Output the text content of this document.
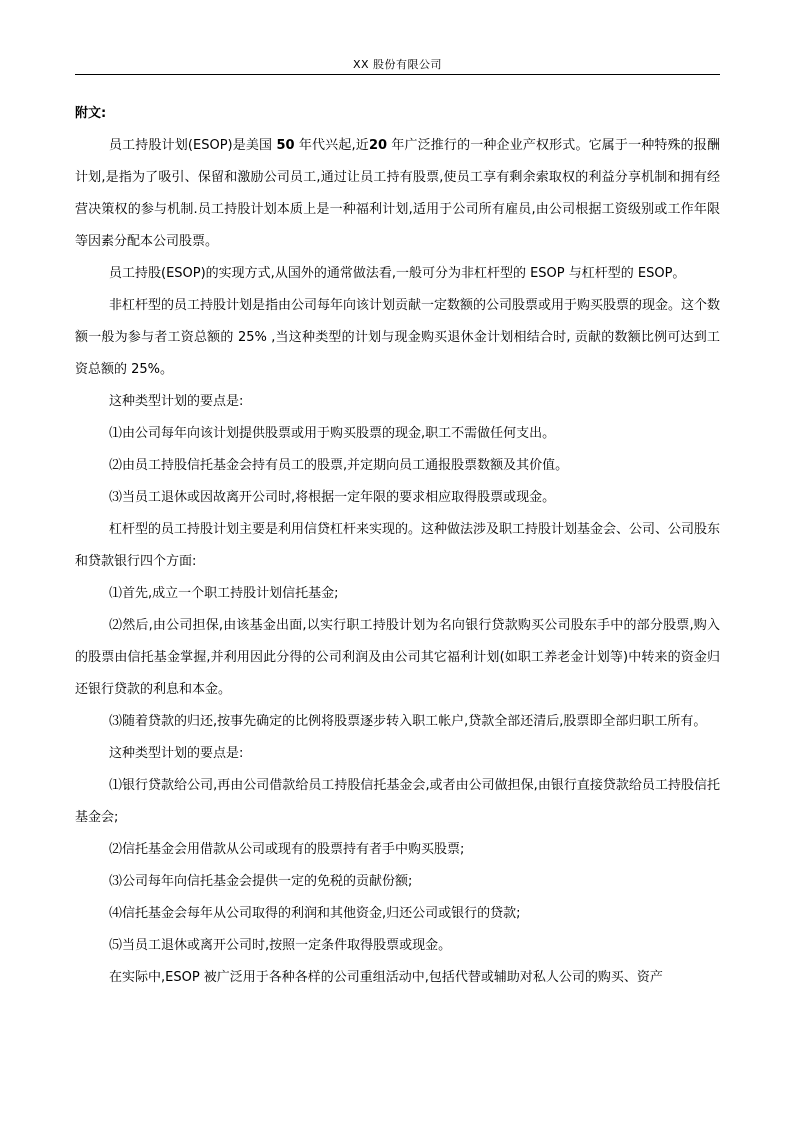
XX 股份有限公司

附文:

员工持股计划(ESOP)是美国 50 年代兴起,近20 年广泛推行的一种企业产权形式。它属于一种特殊的报酬计划,是指为了吸引、保留和激励公司员工,通过让员工持有股票,使员工享有剩余索取权的利益分享机制和拥有经营决策权的参与机制.员工持股计划本质上是一种福利计划,适用于公司所有雇员,由公司根据工资级别或工作年限等因素分配本公司股票。

员工持股(ESOP)的实现方式,从国外的通常做法看,一般可分为非杠杆型的 ESOP 与杠杆型的 ESOP。

非杠杆型的员工持股计划是指由公司每年向该计划贡献一定数额的公司股票或用于购买股票的现金。这个数额一般为参与者工资总额的 25% ,当这种类型的计划与现金购买退休金计划相结合时, 贡献的数额比例可达到工资总额的 25%。

这种类型计划的要点是:

⑴由公司每年向该计划提供股票或用于购买股票的现金,职工不需做任何支出。

⑵由员工持股信托基金会持有员工的股票,并定期向员工通报股票数额及其价值。

⑶当员工退休或因故离开公司时,将根据一定年限的要求相应取得股票或现金。

杠杆型的员工持股计划主要是利用信贷杠杆来实现的。这种做法涉及职工持股计划基金会、公司、公司股东和贷款银行四个方面:

⑴首先,成立一个职工持股计划信托基金;

⑵然后,由公司担保,由该基金出面,以实行职工持股计划为名向银行贷款购买公司股东手中的部分股票,购入的股票由信托基金掌握,并利用因此分得的公司利润及由公司其它福利计划(如职工养老金计划等)中转来的资金归还银行贷款的利息和本金。

⑶随着贷款的归还,按事先确定的比例将股票逐步转入职工帐户,贷款全部还清后,股票即全部归职工所有。

这种类型计划的要点是:

⑴银行贷款给公司,再由公司借款给员工持股信托基金会,或者由公司做担保,由银行直接贷款给员工持股信托基金会;

⑵信托基金会用借款从公司或现有的股票持有者手中购买股票;

⑶公司每年向信托基金会提供一定的免税的贡献份额;

⑷信托基金会每年从公司取得的利润和其他资金,归还公司或银行的贷款;

⑸当员工退休或离开公司时,按照一定条件取得股票或现金。

在实际中,ESOP 被广泛用于各种各样的公司重组活动中,包括代替或辅助对私人公司的购买、资产
